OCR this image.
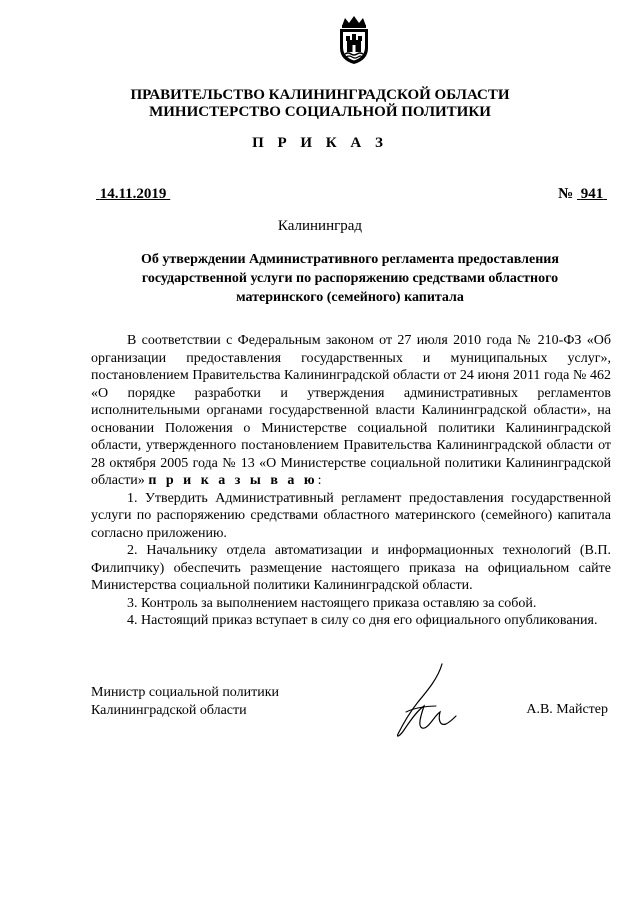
ПРАВИТЕЛЬСТВО КАЛИНИНГРАДСКОЙ ОБЛАСТИ
МИНИСТЕРСТВО СОЦИАЛЬНОЙ ПОЛИТИКИ
П Р И К А З
14.11.2019	№ 941
Калининград
Об утверждении Административного регламента предоставления государственной услуги по распоряжению средствами областного материнского (семейного) капитала

В соответствии с Федеральным законом от 27 июля 2010 года № 210-ФЗ «Об организации предоставления государственных и муниципальных услуг», постановлением Правительства Калининградской области от 24 июня 2011 года № 462 «О порядке разработки и утверждения административных регламентов исполнительными органами государственной власти Калининградской области», на основании Положения о Министерстве социальной политики Калининградской области, утвержденного постановлением Правительства Калининградской области от 28 октября 2005 года № 13 «О Министерстве социальной политики Калининградской области» п р и к а з ы в а ю:

1. Утвердить Административный регламент предоставления государственной услуги по распоряжению средствами областного материнского (семейного) капитала согласно приложению.

2. Начальнику отдела автоматизации и информационных технологий (В.П. Филипчику) обеспечить размещение настоящего приказа на официальном сайте Министерства социальной политики Калининградской области.

3. Контроль за выполнением настоящего приказа оставляю за собой.

4. Настоящий приказ вступает в силу со дня его официального опубликования.

Министр социальной политики
Калининградской области	А.В. Майстер
